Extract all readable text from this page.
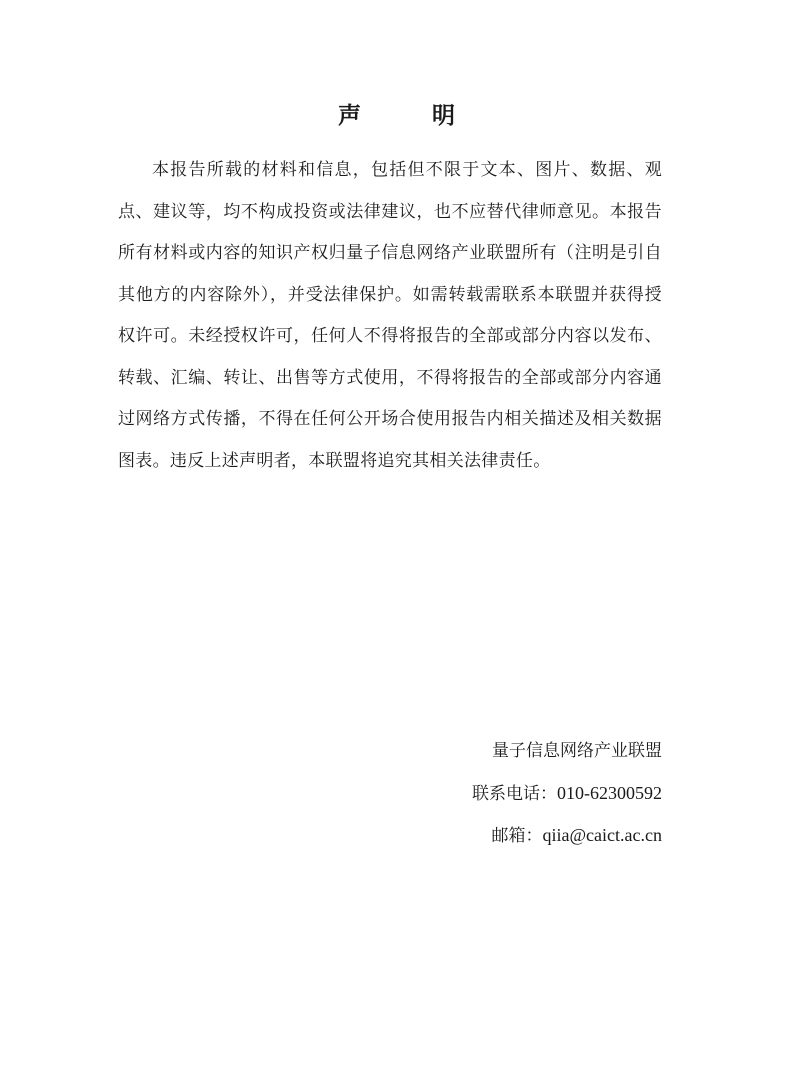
声　明

本报告所载的材料和信息，包括但不限于文本、图片、数据、观点、建议等，均不构成投资或法律建议，也不应替代律师意见。本报告所有材料或内容的知识产权归量子信息网络产业联盟所有（注明是引自其他方的内容除外），并受法律保护。如需转载需联系本联盟并获得授权许可。未经授权许可，任何人不得将报告的全部或部分内容以发布、转载、汇编、转让、出售等方式使用，不得将报告的全部或部分内容通过网络方式传播，不得在任何公开场合使用报告内相关描述及相关数据图表。违反上述声明者，本联盟将追究其相关法律责任。

量子信息网络产业联盟
联系电话：010-62300592
邮箱：qiia@caict.ac.cn
